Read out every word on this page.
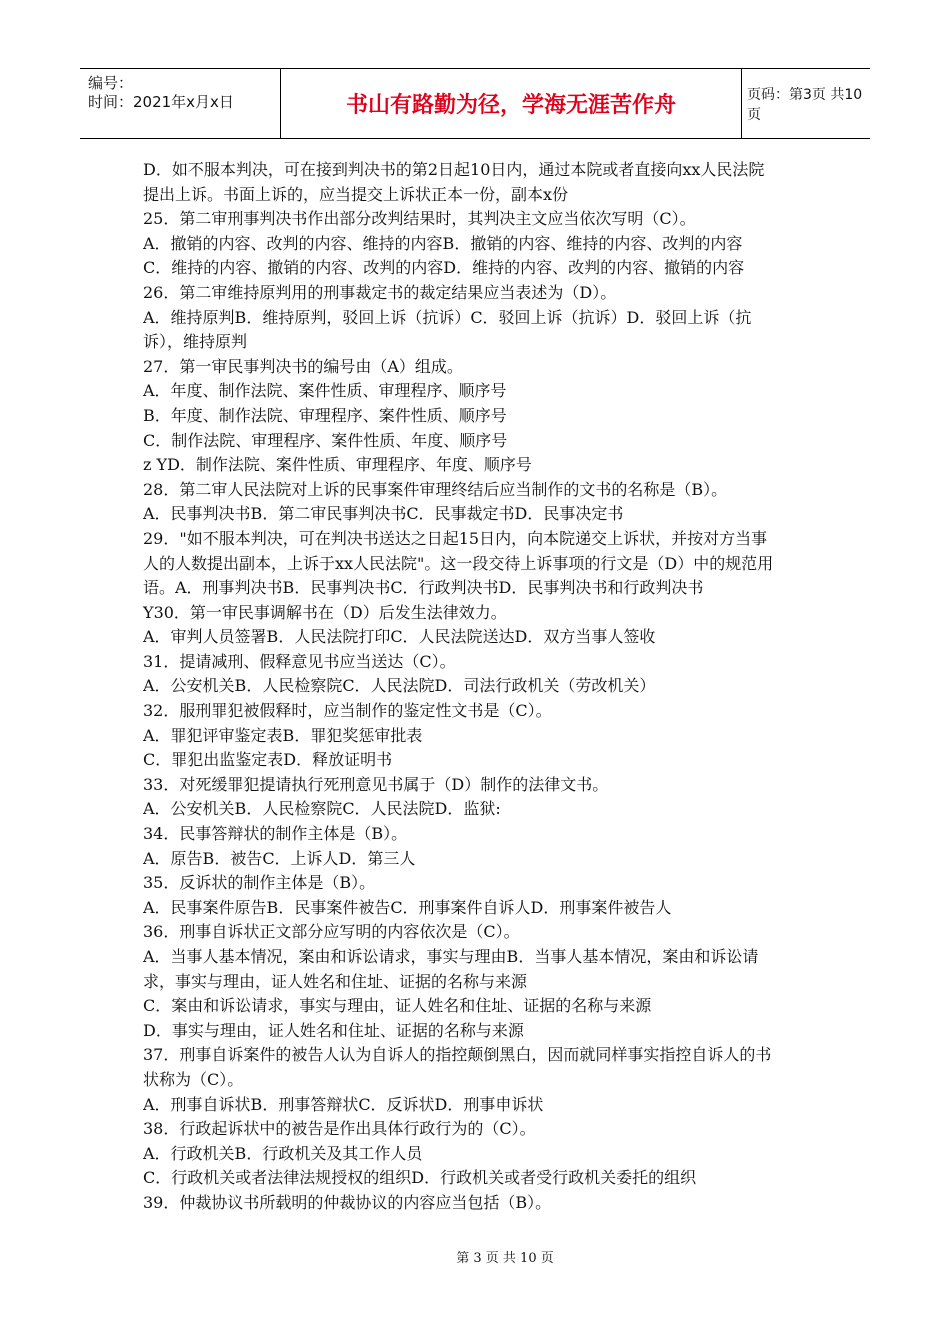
编号：
时间：2021年x月x日	书山有路勤为径，学海无涯苦作舟	页码：第3页 共10页
D．如不服本判决，可在接到判决书的第2日起10日内，通过本院或者直接向xx人民法院
提出上诉。书面上诉的，应当提交上诉状正本一份，副本x份
25．第二审刑事判决书作出部分改判结果时，其判决主文应当依次写明（C）。
A．撤销的内容、改判的内容、维持的内容B．撤销的内容、维持的内容、改判的内容
C．维持的内容、撤销的内容、改判的内容D．维持的内容、改判的内容、撤销的内容
26．第二审维持原判用的刑事裁定书的裁定结果应当表述为（D）。
A．维持原判B．维持原判，驳回上诉（抗诉）C．驳回上诉（抗诉）D．驳回上诉（抗
诉），维持原判
27．第一审民事判决书的编号由（A）组成。
A．年度、制作法院、案件性质、审理程序、顺序号
B．年度、制作法院、审理程序、案件性质、顺序号
C．制作法院、审理程序、案件性质、年度、顺序号
z YD．制作法院、案件性质、审理程序、年度、顺序号
28．第二审人民法院对上诉的民事案件审理终结后应当制作的文书的名称是（B）。
A．民事判决书B．第二审民事判决书C．民事裁定书D．民事决定书
29．"如不服本判决，可在判决书送达之日起15日内，向本院递交上诉状，并按对方当事
人的人数提出副本，上诉于xx人民法院"。这一段交待上诉事项的行文是（D）中的规范用
语。A．刑事判决书B．民事判决书C．行政判决书D．民事判决书和行政判决书
Y30．第一审民事调解书在（D）后发生法律效力。
A．审判人员签署B．人民法院打印C．人民法院送达D．双方当事人签收
31．提请减刑、假释意见书应当送达（C）。
A．公安机关B．人民检察院C．人民法院D．司法行政机关（劳改机关）
32．服刑罪犯被假释时，应当制作的鉴定性文书是（C）。
A．罪犯评审鉴定表B．罪犯奖惩审批表
C．罪犯出监鉴定表D．释放证明书
33．对死缓罪犯提请执行死刑意见书属于（D）制作的法律文书。
A．公安机关B．人民检察院C．人民法院D．监狱:
34．民事答辩状的制作主体是（B）。
A．原告B．被告C．上诉人D．第三人
35．反诉状的制作主体是（B）。
A．民事案件原告B．民事案件被告C．刑事案件自诉人D．刑事案件被告人
36．刑事自诉状正文部分应写明的内容依次是（C）。
A．当事人基本情况，案由和诉讼请求，事实与理由B．当事人基本情况，案由和诉讼请
求，事实与理由，证人姓名和住址、证据的名称与来源
C．案由和诉讼请求，事实与理由，证人姓名和住址、证据的名称与来源
D．事实与理由，证人姓名和住址、证据的名称与来源
37．刑事自诉案件的被告人认为自诉人的指控颠倒黑白，因而就同样事实指控自诉人的书
状称为（C）。
A．刑事自诉状B．刑事答辩状C．反诉状D．刑事申诉状
38．行政起诉状中的被告是作出具体行政行为的（C）。
A．行政机关B．行政机关及其工作人员
C．行政机关或者法律法规授权的组织D．行政机关或者受行政机关委托的组织
39．仲裁协议书所载明的仲裁协议的内容应当包括（B）。
第 3 页 共 10 页
